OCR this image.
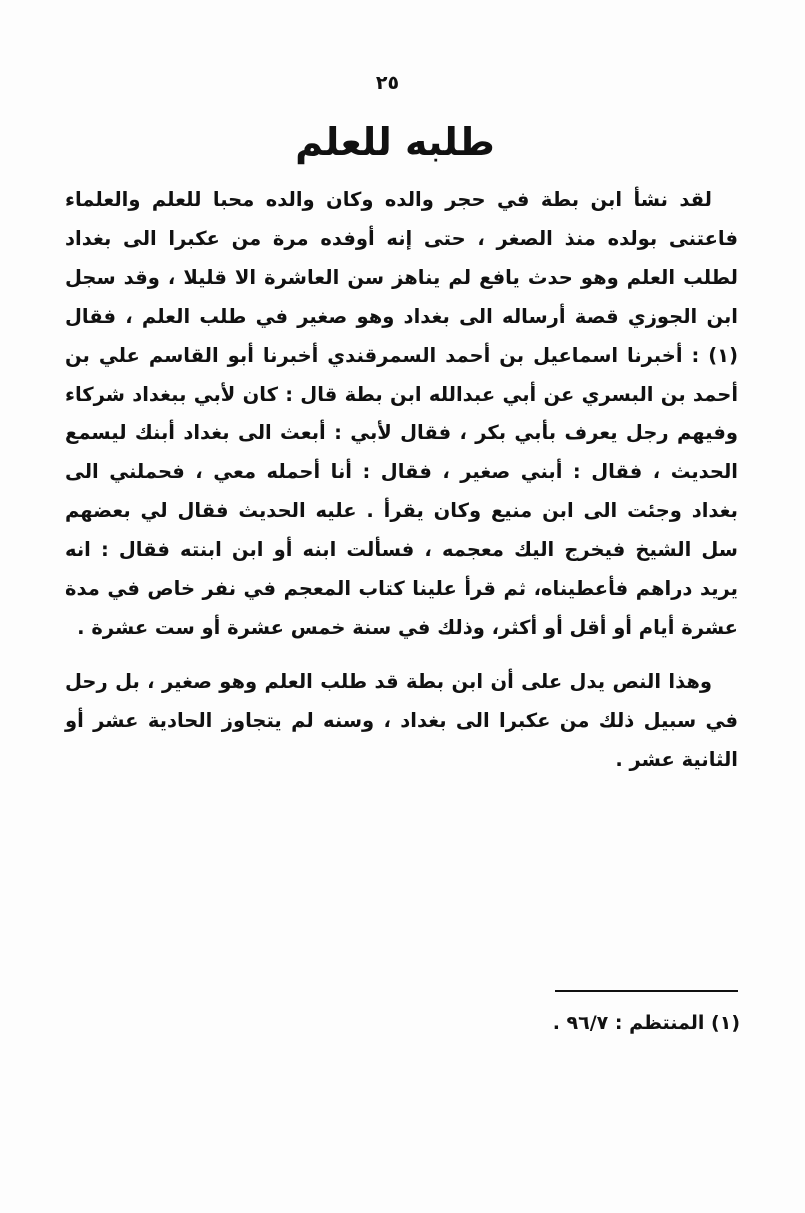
٢٥
طلبه للعلم

لقد نشأ ابن بطة في حجر والده وكان والده محبا للعلم والعلماء فاعتنى بولده منذ الصغر ، حتى إنه أوفده مرة من عكبرا الى بغداد لطلب العلم وهو حدث يافع لم يناهز سن العاشرة الا قليلا ، وقد سجل ابن الجوزي قصة أرساله الى بغداد وهو صغير في طلب العلم ، فقال (١) : أخبرنا اسماعيل بن أحمد السمرقندي أخبرنا أبو القاسم علي بن أحمد بن البسري عن أبي عبدالله ابن بطة قال : كان لأبي ببغداد شركاء وفيهم رجل يعرف بأبي بكر ، فقال لأبي : أبعث الى بغداد أبنك ليسمع الحديث ، فقال : أبني صغير ، فقال : أنا أحمله معي ، فحملني الى بغداد وجئت الى ابن منيع وكان يقرأ . عليه الحديث فقال لي بعضهم سل الشيخ فيخرج اليك معجمه ، فسألت ابنه أو ابن ابنته فقال : انه يريد دراهم فأعطيناه، ثم قرأ علينا كتاب المعجم في نفر خاص في مدة عشرة أيام أو أقل أو أكثر، وذلك في سنة خمس عشرة أو ست عشرة .

وهذا النص يدل على أن ابن بطة قد طلب العلم وهو صغير ، بل رحل في سبيل ذلك من عكبرا الى بغداد ، وسنه لم يتجاوز الحادية عشر أو الثانية عشر .

(١) المنتظم : ٩٦/٧ .
